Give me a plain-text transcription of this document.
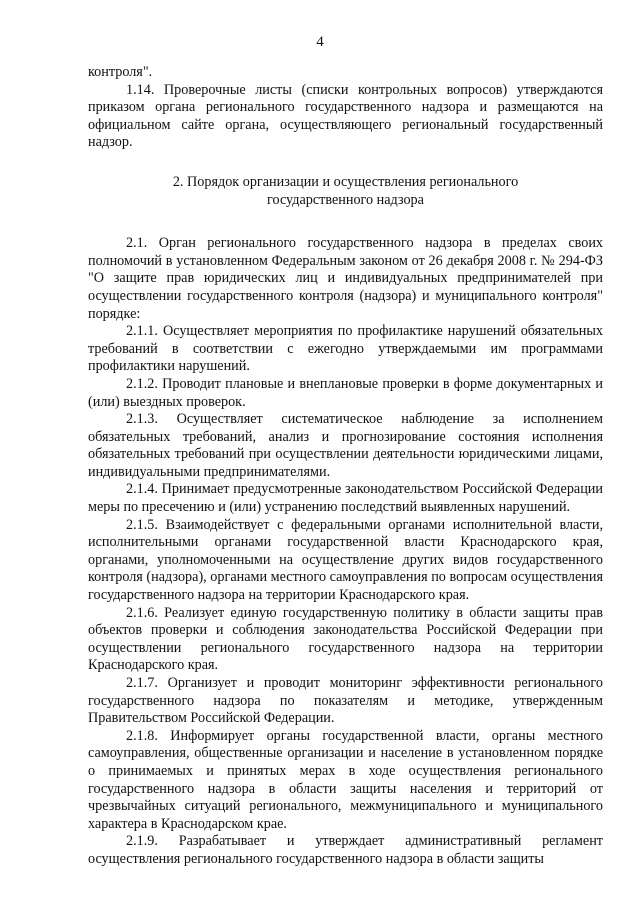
4

контроля".

1.14. Проверочные листы (списки контрольных вопросов) утверждаются приказом органа регионального государственного надзора и размещаются на официальном сайте органа, осуществляющего региональный государственный надзор.

2. Порядок организации и осуществления регионального
государственного надзора

2.1. Орган регионального государственного надзора в пределах своих полномочий в установленном Федеральным законом от 26 декабря 2008 г. № 294-ФЗ "О защите прав юридических лиц и индивидуальных предпринимателей при осуществлении государственного контроля (надзора) и муниципального контроля" порядке:

2.1.1. Осуществляет мероприятия по профилактике нарушений обязательных требований в соответствии с ежегодно утверждаемыми им программами профилактики нарушений.

2.1.2. Проводит плановые и внеплановые проверки в форме документарных и (или) выездных проверок.

2.1.3. Осуществляет систематическое наблюдение за исполнением обязательных требований, анализ и прогнозирование состояния исполнения обязательных требований при осуществлении деятельности юридическими лицами, индивидуальными предпринимателями.

2.1.4. Принимает предусмотренные законодательством Российской Федерации меры по пресечению и (или) устранению последствий выявленных нарушений.

2.1.5. Взаимодействует с федеральными органами исполнительной власти, исполнительными органами государственной власти Краснодарского края, органами, уполномоченными на осуществление других видов государственного контроля (надзора), органами местного самоуправления по вопросам осуществления государственного надзора на территории Краснодарского края.

2.1.6. Реализует единую государственную политику в области защиты прав объектов проверки и соблюдения законодательства Российской Федерации при осуществлении регионального государственного надзора на территории Краснодарского края.

2.1.7. Организует и проводит мониторинг эффективности регионального государственного надзора по показателям и методике, утвержденным Правительством Российской Федерации.

2.1.8. Информирует органы государственной власти, органы местного самоуправления, общественные организации и население в установленном порядке о принимаемых и принятых мерах в ходе осуществления регионального государственного надзора в области защиты населения и территорий от чрезвычайных ситуаций регионального, межмуниципального и муниципального характера в Краснодарском крае.

2.1.9. Разрабатывает и утверждает административный регламент осуществления регионального государственного надзора в области защиты
